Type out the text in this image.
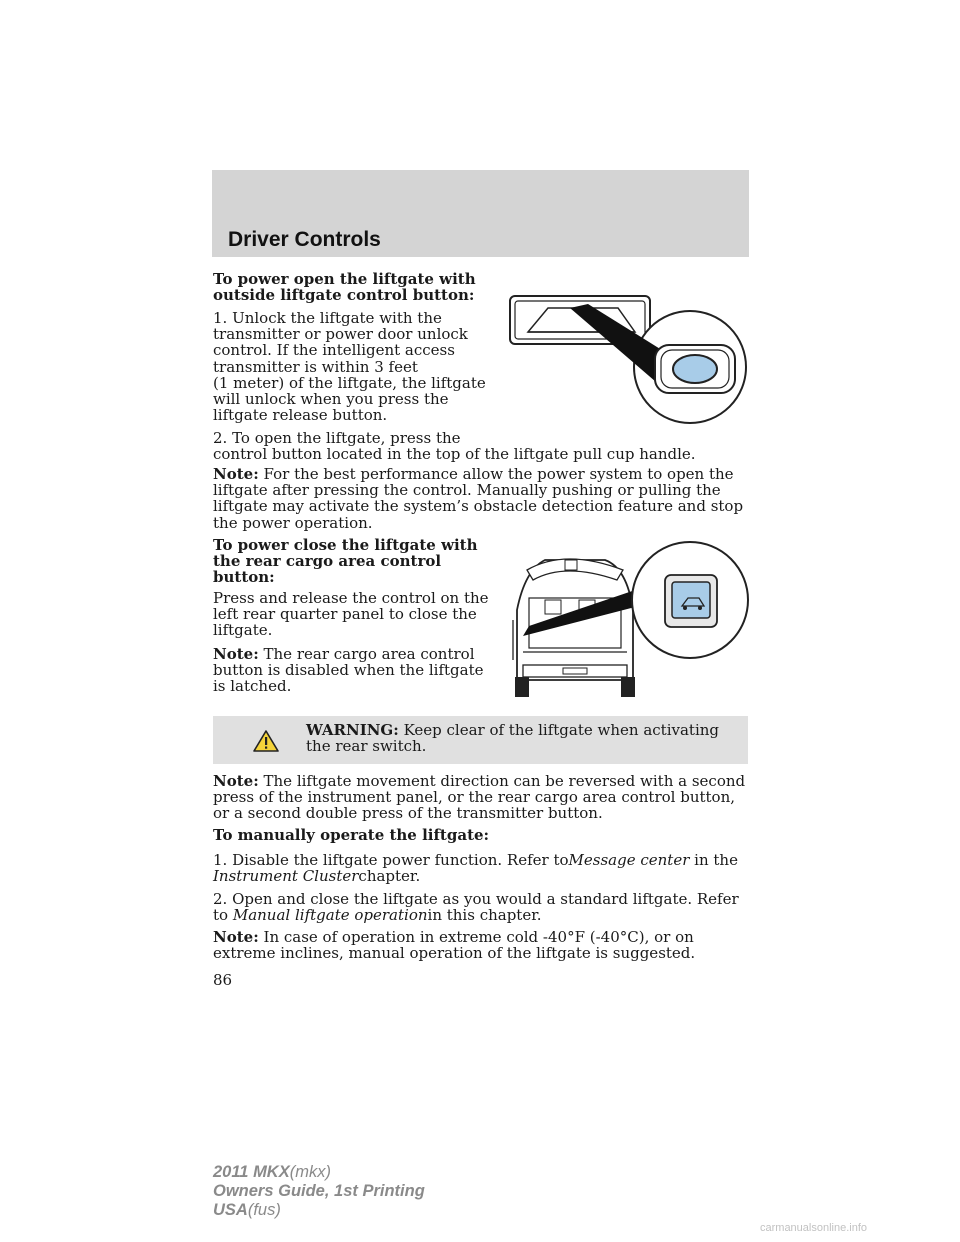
Driver Controls

To power open the liftgate with
outside liftgate control button:

1. Unlock the liftgate with the
transmitter or power door unlock
control. If the intelligent access
transmitter is within 3 feet
(1 meter) of the liftgate, the liftgate
will unlock when you press the
liftgate release button.

2. To open the liftgate, press the
control button located in the top of the liftgate pull cup handle.

Note: For the best performance allow the power system to open the liftgate after pressing the control. Manually pushing or pulling the liftgate may activate the system’s obstacle detection feature and stop the power operation.

To power close the liftgate with
the rear cargo area control
button:

Press and release the control on the
left rear quarter panel to close the
liftgate.

Note: The rear cargo area control
button is disabled when the liftgate
is latched.

WARNING: Keep clear of the liftgate when activating the rear switch.

Note: The liftgate movement direction can be reversed with a second press of the instrument panel, or the rear cargo area control button, or a second double press of the transmitter button.

To manually operate the liftgate:

1. Disable the liftgate power function. Refer toMessage center in the Instrument Clusterchapter.

2. Open and close the liftgate as you would a standard liftgate. Refer to Manual liftgate operationin this chapter.

Note: In case of operation in extreme cold -40°F (-40°C), or on extreme inclines, manual operation of the liftgate is suggested.

86

2011 MKX(mkx)
Owners Guide, 1st Printing
USA(fus)

carmanualsonline.info
